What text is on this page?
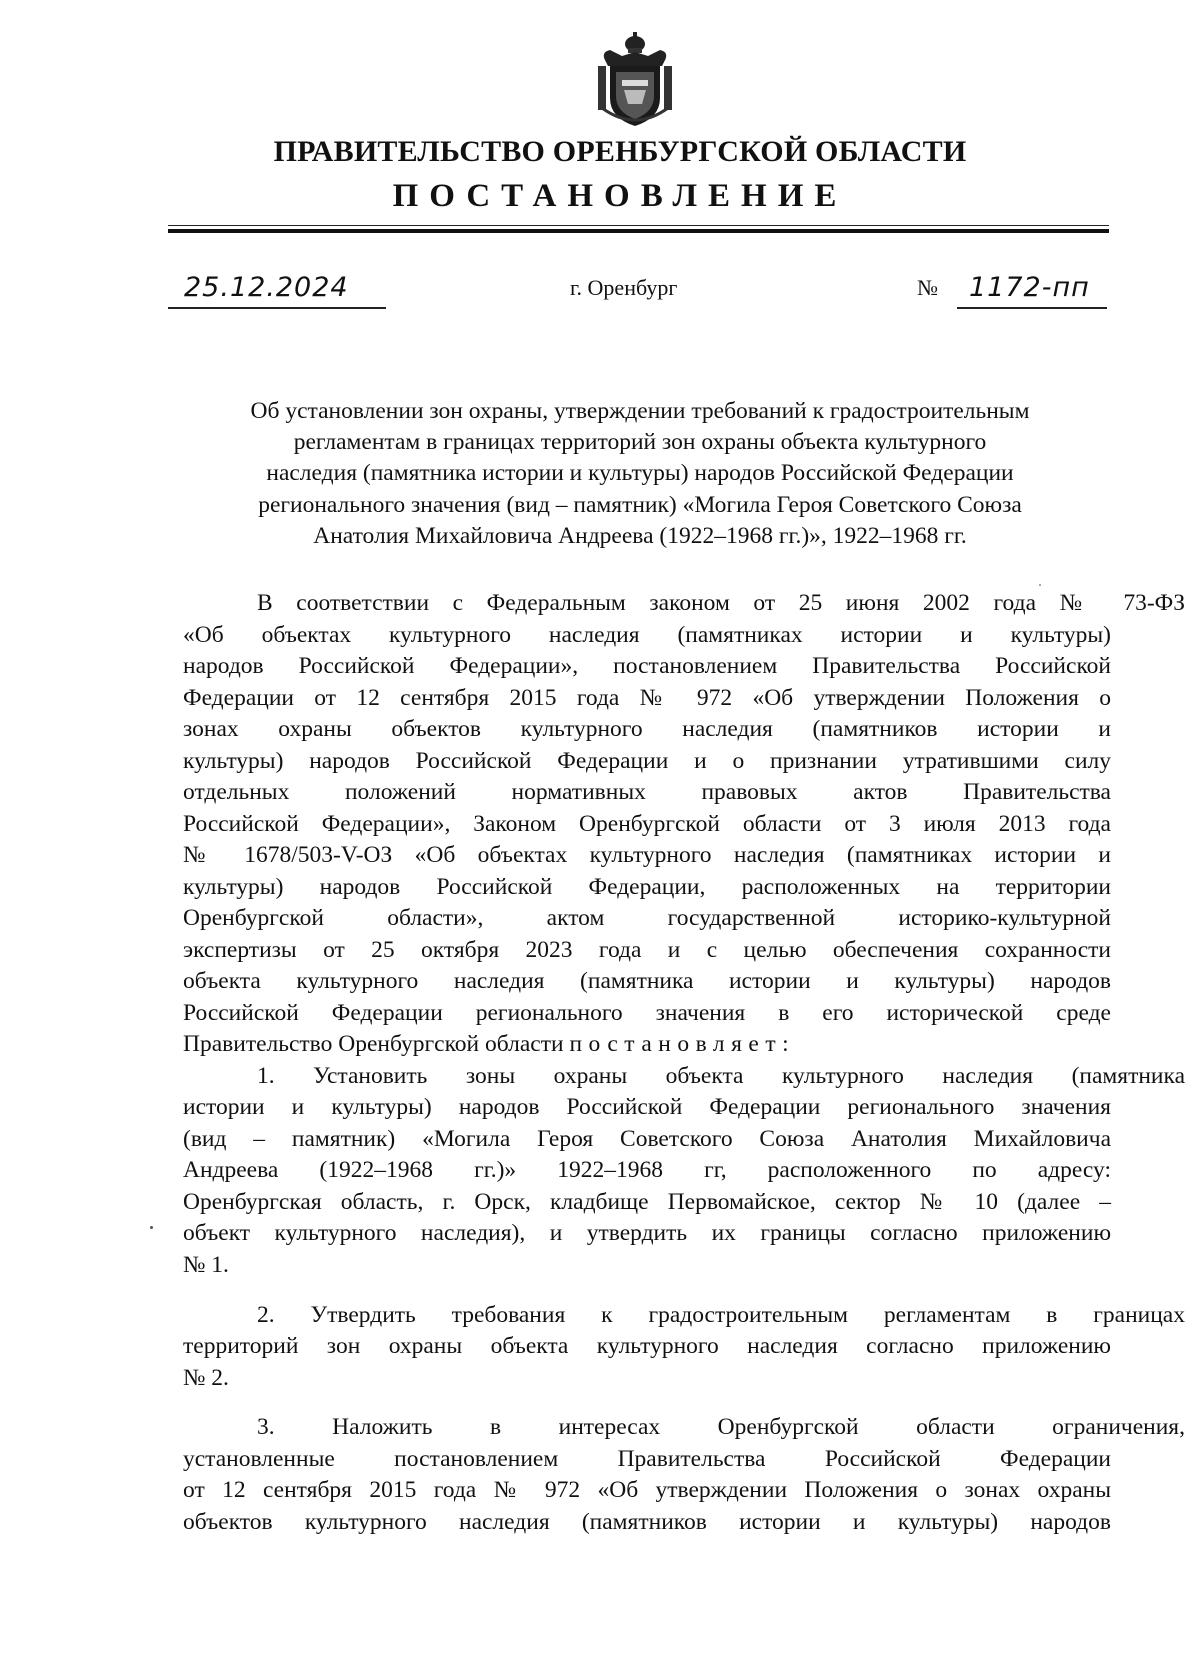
ПРАВИТЕЛЬСТВО ОРЕНБУРГСКОЙ ОБЛАСТИ
ПОСТАНОВЛЕНИЕ
25.12.2024	г. Оренбург	№ 1172-пп
Об установлении зон охраны, утверждении требований к градостроительным
регламентам в границах территорий зон охраны объекта культурного
наследия (памятника истории и культуры) народов Российской Федерации
регионального значения (вид – памятник) «Могила Героя Советского Союза
Анатолия Михайловича Андреева (1922–1968 гг.)», 1922–1968 гг.
В соответствии с Федеральным законом от 25 июня 2002 года № 73-ФЗ
«Об объектах культурного наследия (памятниках истории и культуры)
народов Российской Федерации», постановлением Правительства Российской
Федерации от 12 сентября 2015 года № 972 «Об утверждении Положения о
зонах охраны объектов культурного наследия (памятников истории и
культуры) народов Российской Федерации и о признании утратившими силу
отдельных положений нормативных правовых актов Правительства
Российской Федерации», Законом Оренбургской области от 3 июля 2013 года
№ 1678/503-V-ОЗ «Об объектах культурного наследия (памятниках истории и
культуры) народов Российской Федерации, расположенных на территории
Оренбургской области», актом государственной историко-культурной
экспертизы от 25 октября 2023 года и с целью обеспечения сохранности
объекта культурного наследия (памятника истории и культуры) народов
Российской Федерации регионального значения в его исторической среде
Правительство Оренбургской области постановляет:
1. Установить зоны охраны объекта культурного наследия (памятника
истории и культуры) народов Российской Федерации регионального значения
(вид – памятник) «Могила Героя Советского Союза Анатолия Михайловича
Андреева (1922–1968 гг.)» 1922–1968 гг, расположенного по адресу:
Оренбургская область, г. Орск, кладбище Первомайское, сектор № 10 (далее –
объект культурного наследия), и утвердить их границы согласно приложению
№ 1.
2. Утвердить требования к градостроительным регламентам в границах
территорий зон охраны объекта культурного наследия согласно приложению
№ 2.
3. Наложить в интересах Оренбургской области ограничения,
установленные постановлением Правительства Российской Федерации
от 12 сентября 2015 года № 972 «Об утверждении Положения о зонах охраны
объектов культурного наследия (памятников истории и культуры) народов
